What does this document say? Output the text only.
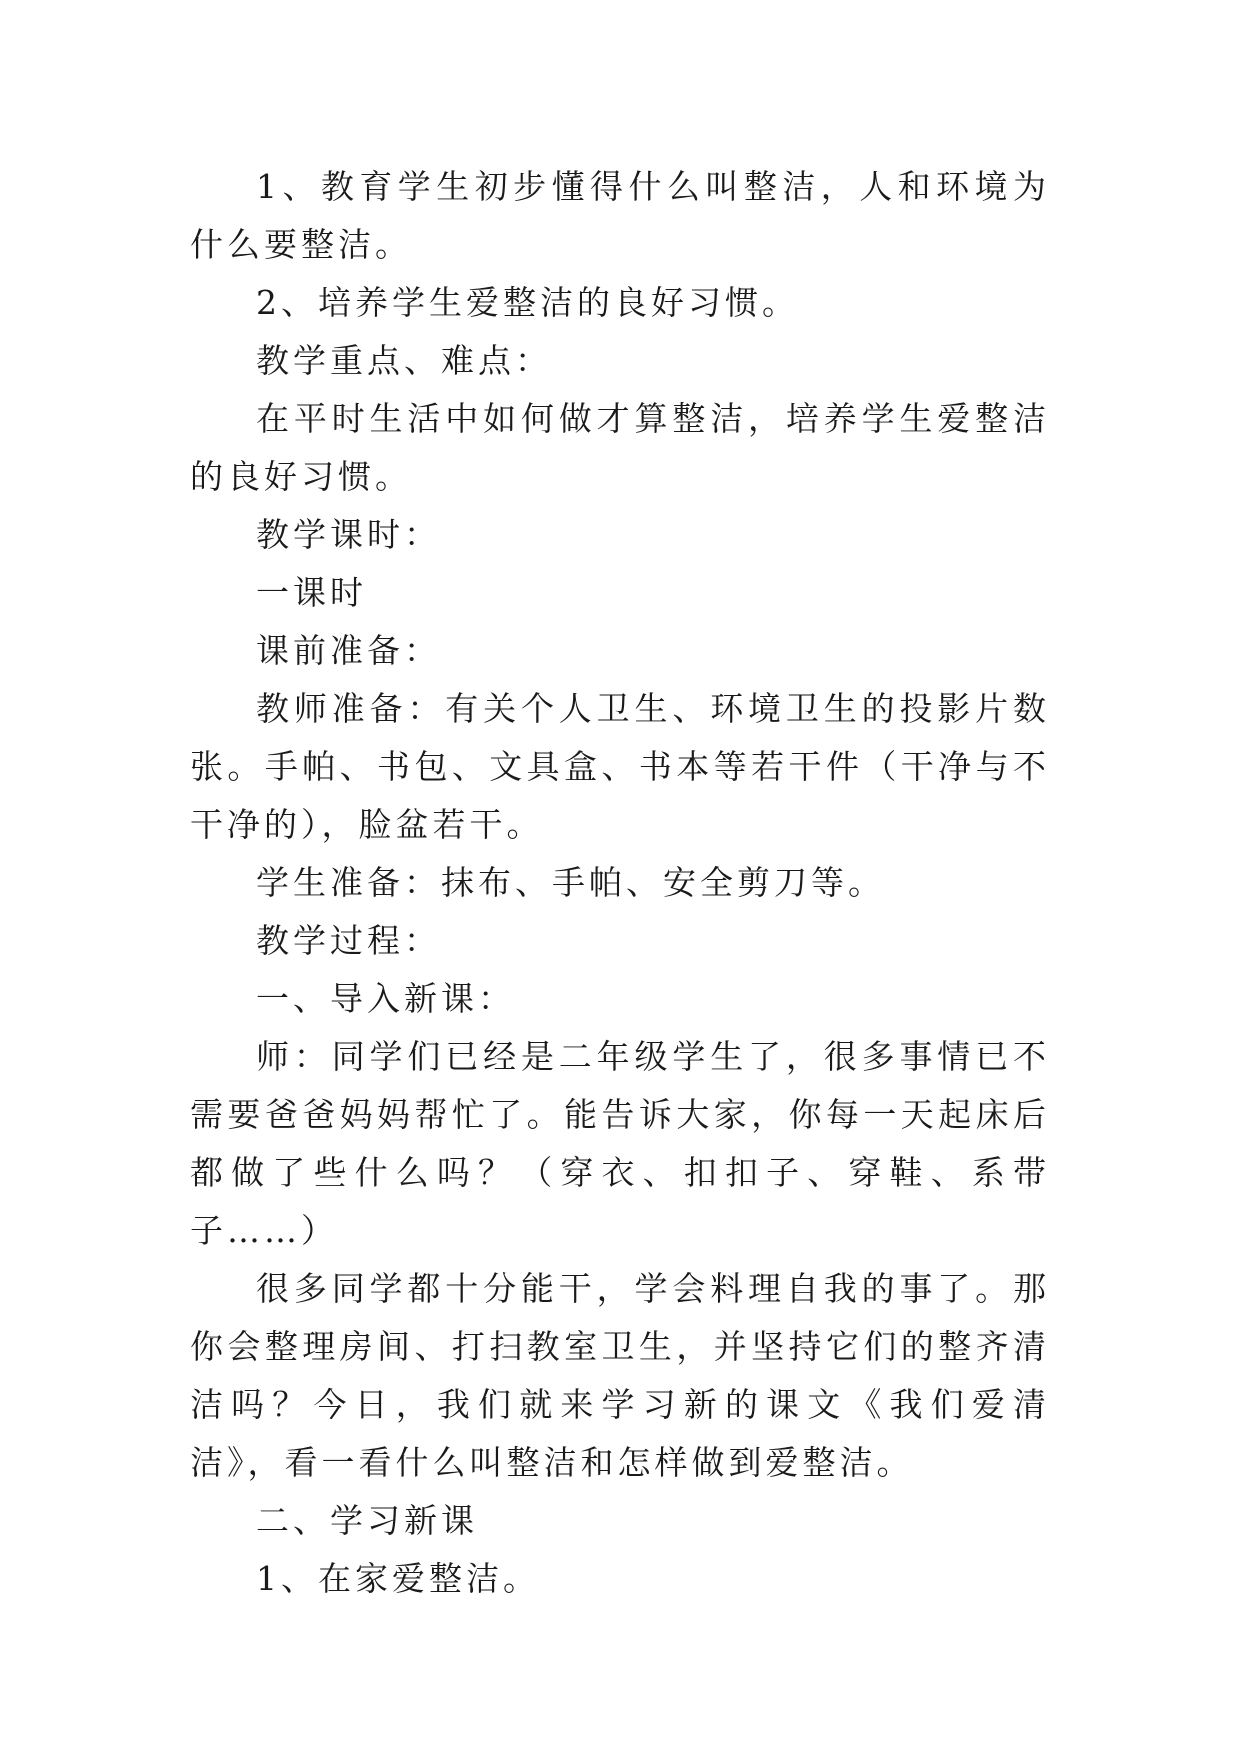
1、教育学生初步懂得什么叫整洁，人和环境为什么要整洁。

2、培养学生爱整洁的良好习惯。

教学重点、难点：

在平时生活中如何做才算整洁，培养学生爱整洁的良好习惯。

教学课时：

一课时

课前准备：

教师准备：有关个人卫生、环境卫生的投影片数张。手帕、书包、文具盒、书本等若干件（干净与不干净的），脸盆若干。

学生准备：抹布、手帕、安全剪刀等。

教学过程：

一、导入新课：

师：同学们已经是二年级学生了，很多事情已不需要爸爸妈妈帮忙了。能告诉大家，你每一天起床后都做了些什么吗？（穿衣、扣扣子、穿鞋、系带子……）

很多同学都十分能干，学会料理自我的事了。那你会整理房间、打扫教室卫生，并坚持它们的整齐清洁吗？今日，我们就来学习新的课文《我们爱清洁》，看一看什么叫整洁和怎样做到爱整洁。

二、学习新课

1、在家爱整洁。
